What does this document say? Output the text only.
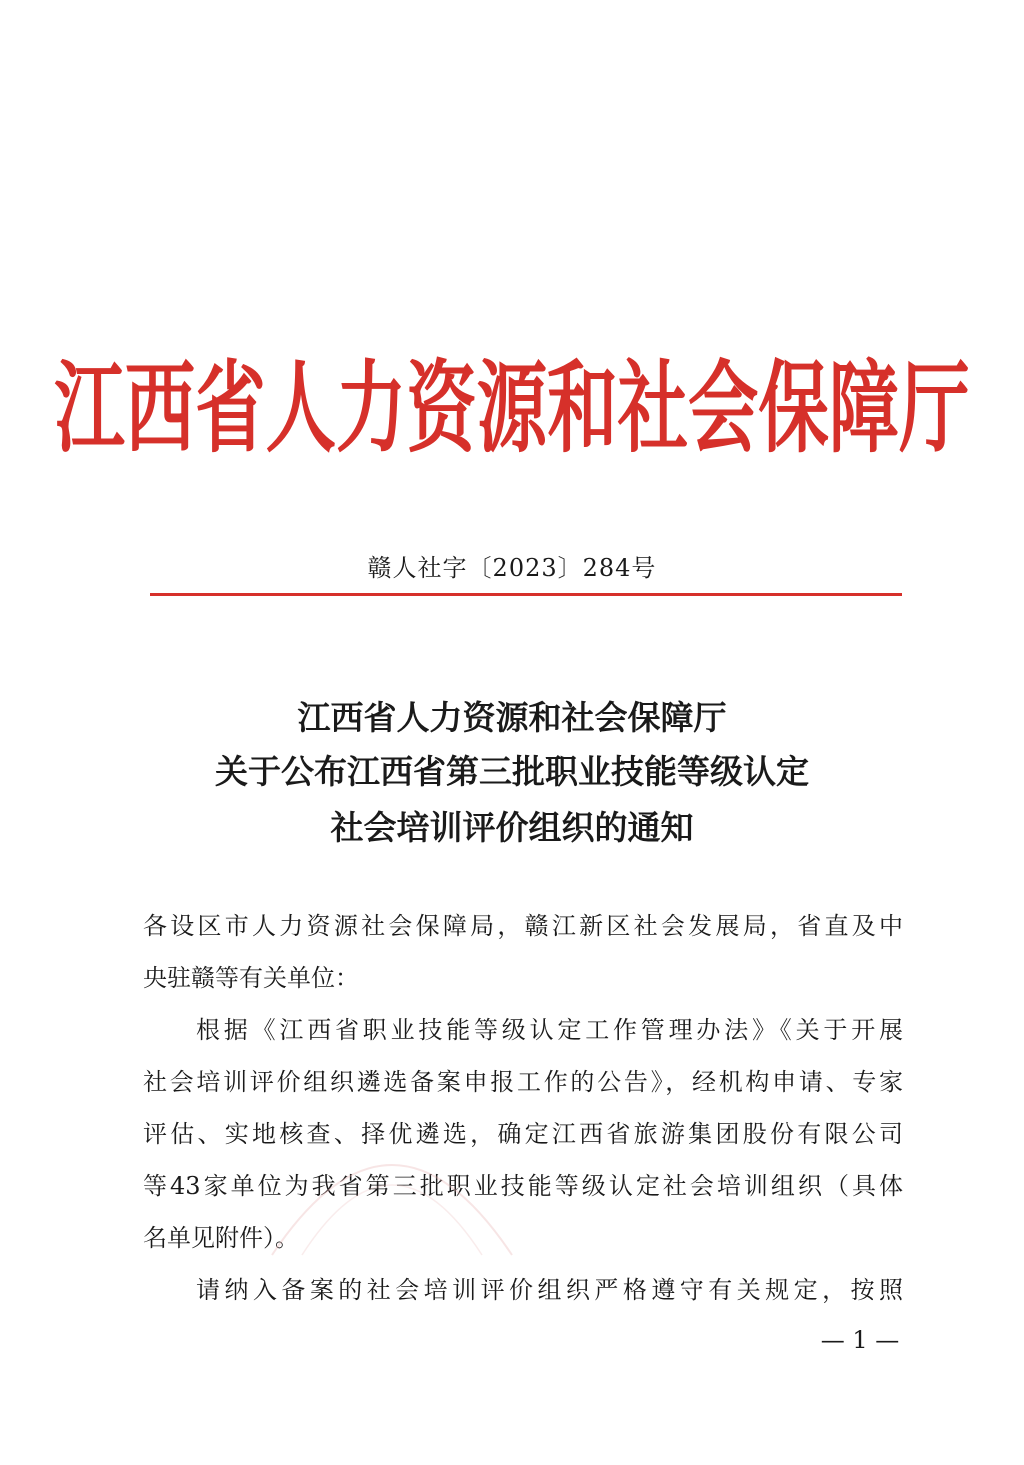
江西省人力资源和社会保障厅
赣人社字〔2023〕284号
江西省人力资源和社会保障厅
关于公布江西省第三批职业技能等级认定
社会培训评价组织的通知
各设区市人力资源社会保障局，赣江新区社会发展局，省直及中
央驻赣等有关单位：
根据《江西省职业技能等级认定工作管理办法》《关于开展
社会培训评价组织遴选备案申报工作的公告》，经机构申请、专家
评估、实地核查、择优遴选，确定江西省旅游集团股份有限公司
等43家单位为我省第三批职业技能等级认定社会培训组织（具体
名单见附件）。
请纳入备案的社会培训评价组织严格遵守有关规定，按照
— 1 —
